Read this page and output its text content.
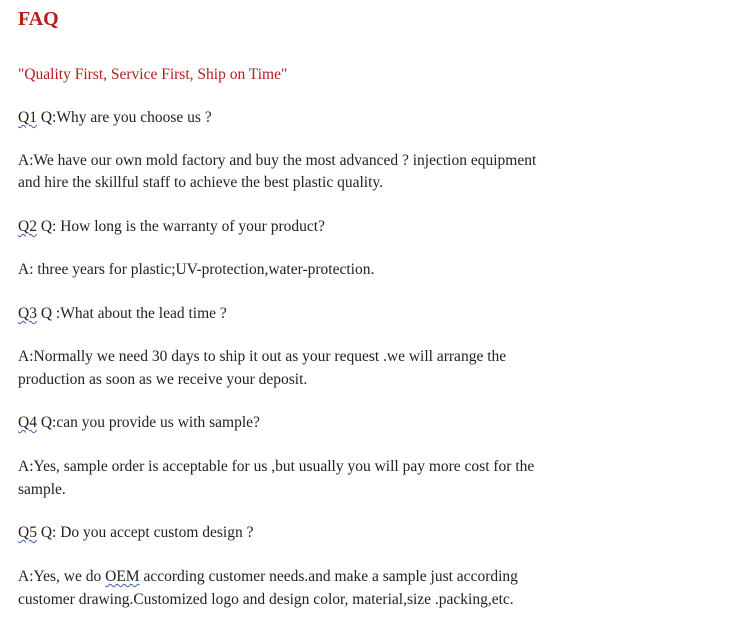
FAQ
"Quality First, Service First, Ship on Time"
Q1 Q:Why are you choose us ?
A:We have our own mold factory and buy the most advanced ? injection equipment
and hire the skillful staff to achieve the best plastic quality.
Q2 Q: How long is the warranty of your product?
A: three years for plastic;UV-protection,water-protection.
Q3 Q :What about the lead time ?
A:Normally we need 30 days to ship it out as your request .we will arrange the
production as soon as we receive your deposit.
Q4 Q:can you provide us with sample?
A:Yes, sample order is acceptable for us ,but usually you will pay more cost for the
sample.
Q5 Q: Do you accept custom design ?
A:Yes, we do OEM according customer needs.and make a sample just according
customer drawing.Customized logo and design color, material,size .packing,etc.
